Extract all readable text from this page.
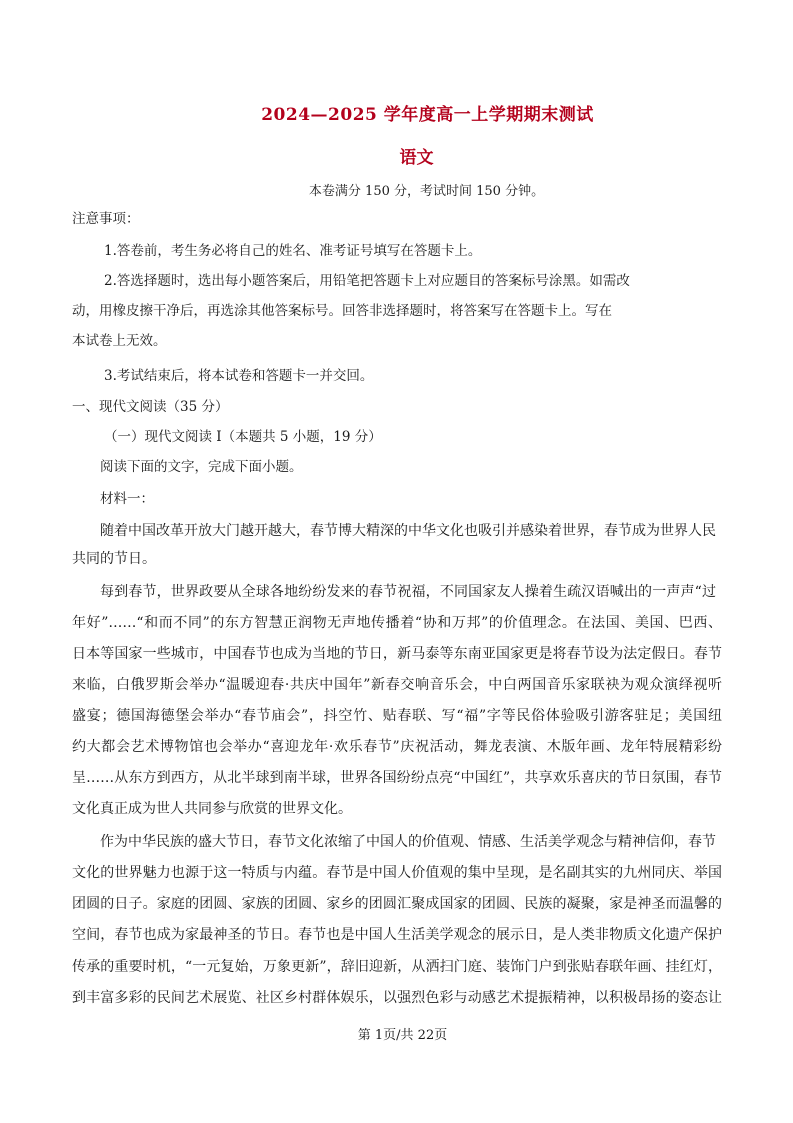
2024—2025 学年度高一上学期期末测试
语文
本卷满分 150 分，考试时间 150 分钟。
注意事项：
1.答卷前，考生务必将自己的姓名、准考证号填写在答题卡上。
2.答选择题时，选出每小题答案后，用铅笔把答题卡上对应题目的答案标号涂黑。如需改
动，用橡皮擦干净后，再选涂其他答案标号。回答非选择题时，将答案写在答题卡上。写在
本试卷上无效。
3.考试结束后，将本试卷和答题卡一并交回。
一、现代文阅读（35 分）
（一）现代文阅读 I（本题共 5 小题，19 分）
阅读下面的文字，完成下面小题。
材料一：
随着中国改革开放大门越开越大，春节博大精深的中华文化也吸引并感染着世界，春节成为世界人民
共同的节日。
每到春节，世界政要从全球各地纷纷发来的春节祝福，不同国家友人操着生疏汉语喊出的一声声“过
年好”……“和而不同”的东方智慧正润物无声地传播着“协和万邦”的价值理念。在法国、美国、巴西、
日本等国家一些城市，中国春节也成为当地的节日，新马泰等东南亚国家更是将春节设为法定假日。春节
来临，白俄罗斯会举办“温暖迎春·共庆中国年”新春交响音乐会，中白两国音乐家联袂为观众演绎视听
盛宴；德国海德堡会举办“春节庙会”，抖空竹、贴春联、写“福”字等民俗体验吸引游客驻足；美国纽
约大都会艺术博物馆也会举办“喜迎龙年·欢乐春节”庆祝活动，舞龙表演、木版年画、龙年特展精彩纷
呈……从东方到西方，从北半球到南半球，世界各国纷纷点亮“中国红”，共享欢乐喜庆的节日氛围，春节
文化真正成为世人共同参与欣赏的世界文化。
作为中华民族的盛大节日，春节文化浓缩了中国人的价值观、情感、生活美学观念与精神信仰，春节
文化的世界魅力也源于这一特质与内蕴。春节是中国人价值观的集中呈现，是名副其实的九州同庆、举国
团圆的日子。家庭的团圆、家族的团圆、家乡的团圆汇聚成国家的团圆、民族的凝聚，家是神圣而温馨的
空间，春节也成为家最神圣的节日。春节也是中国人生活美学观念的展示日，是人类非物质文化遗产保护
传承的重要时机，“一元复始，万象更新”，辞旧迎新，从洒扫门庭、装饰门户到张贴春联年画、挂红灯，
到丰富多彩的民间艺术展览、社区乡村群体娱乐，以强烈色彩与动感艺术提振精神，以积极昂扬的姿态让
第 1页/共 22页
